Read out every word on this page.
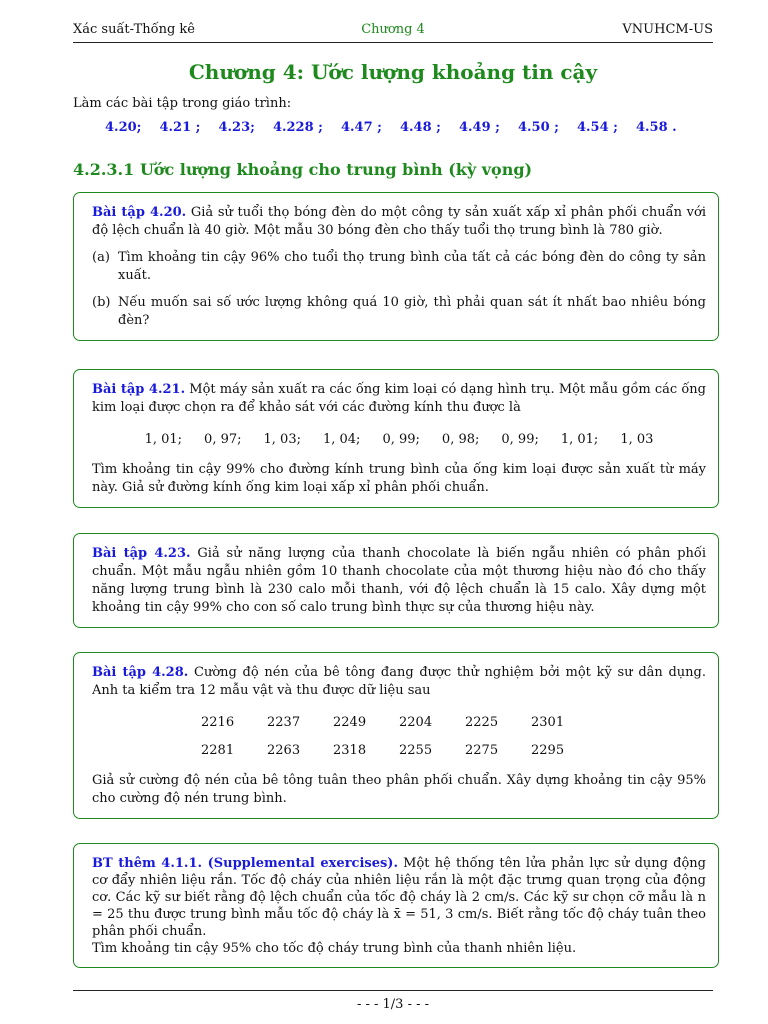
Xác suất-Thống kê	Chương 4	VNUHCM-US
Chương 4: Ước lượng khoảng tin cậy
Làm các bài tập trong giáo trình:
4.20; 4.21 ; 4.23; 4.228 ; 4.47 ; 4.48 ; 4.49 ; 4.50 ; 4.54 ; 4.58 .
4.2.3.1 Ước lượng khoảng cho trung bình (kỳ vọng)

Bài tập 4.20. Giả sử tuổi thọ bóng đèn do một công ty sản xuất xấp xỉ phân phối chuẩn với độ lệch chuẩn là 40 giờ. Một mẫu 30 bóng đèn cho thấy tuổi thọ trung bình là 780 giờ.

(a) Tìm khoảng tin cậy 96% cho tuổi thọ trung bình của tất cả các bóng đèn do công ty sản xuất.
(b) Nếu muốn sai số ước lượng không quá 10 giờ, thì phải quan sát ít nhất bao nhiêu bóng đèn?

Bài tập 4.21. Một máy sản xuất ra các ống kim loại có dạng hình trụ. Một mẫu gồm các ống kim loại được chọn ra để khảo sát với các đường kính thu được là

1, 01; 0, 97; 1, 03; 1, 04; 0, 99; 0, 98; 0, 99; 1, 01; 1, 03

Tìm khoảng tin cậy 99% cho đường kính trung bình của ống kim loại được sản xuất từ máy này. Giả sử đường kính ống kim loại xấp xỉ phân phối chuẩn.

Bài tập 4.23. Giả sử năng lượng của thanh chocolate là biến ngẫu nhiên có phân phối chuẩn. Một mẫu ngẫu nhiên gồm 10 thanh chocolate của một thương hiệu nào đó cho thấy năng lượng trung bình là 230 calo mỗi thanh, với độ lệch chuẩn là 15 calo. Xây dựng một khoảng tin cậy 99% cho con số calo trung bình thực sự của thương hiệu này.

Bài tập 4.28. Cường độ nén của bê tông đang được thử nghiệm bởi một kỹ sư dân dụng. Anh ta kiểm tra 12 mẫu vật và thu được dữ liệu sau

2216	2237	2249	2204	2225	2301
2281	2263	2318	2255	2275	2295

Giả sử cường độ nén của bê tông tuân theo phân phối chuẩn. Xây dựng khoảng tin cậy 95% cho cường độ nén trung bình.

BT thêm 4.1.1. (Supplemental exercises). Một hệ thống tên lửa phản lực sử dụng động cơ đẩy nhiên liệu rắn. Tốc độ cháy của nhiên liệu rắn là một đặc trưng quan trọng của động cơ. Các kỹ sư biết rằng độ lệch chuẩn của tốc độ cháy là 2 cm/s. Các kỹ sư chọn cỡ mẫu là n = 25 thu được trung bình mẫu tốc độ cháy là x̄ = 51, 3 cm/s. Biết rằng tốc độ cháy tuân theo phân phối chuẩn.

Tìm khoảng tin cậy 95% cho tốc độ cháy trung bình của thanh nhiên liệu.

- - - 1/3 - - -
